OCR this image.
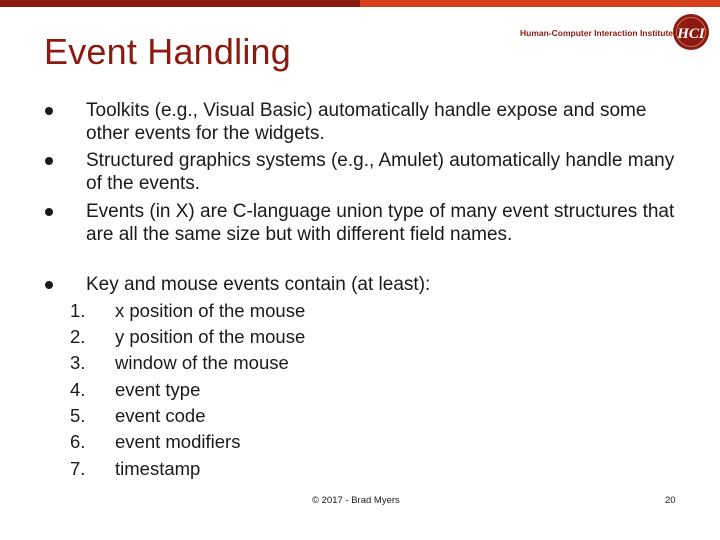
Event Handling	Human-Computer Interaction Institute HCI
Toolkits (e.g., Visual Basic) automatically handle expose and some other events for the widgets.
Structured graphics systems (e.g., Amulet) automatically handle many of the events.
Events (in X) are C-language union type of many event structures that are all the same size but with different field names.
Key and mouse events contain (at least):
1.	x position of the mouse
2.	y position of the mouse
3.	window of the mouse
4.	event type
5.	event code
6.	event modifiers
7.	timestamp
© 2017 - Brad Myers	20
